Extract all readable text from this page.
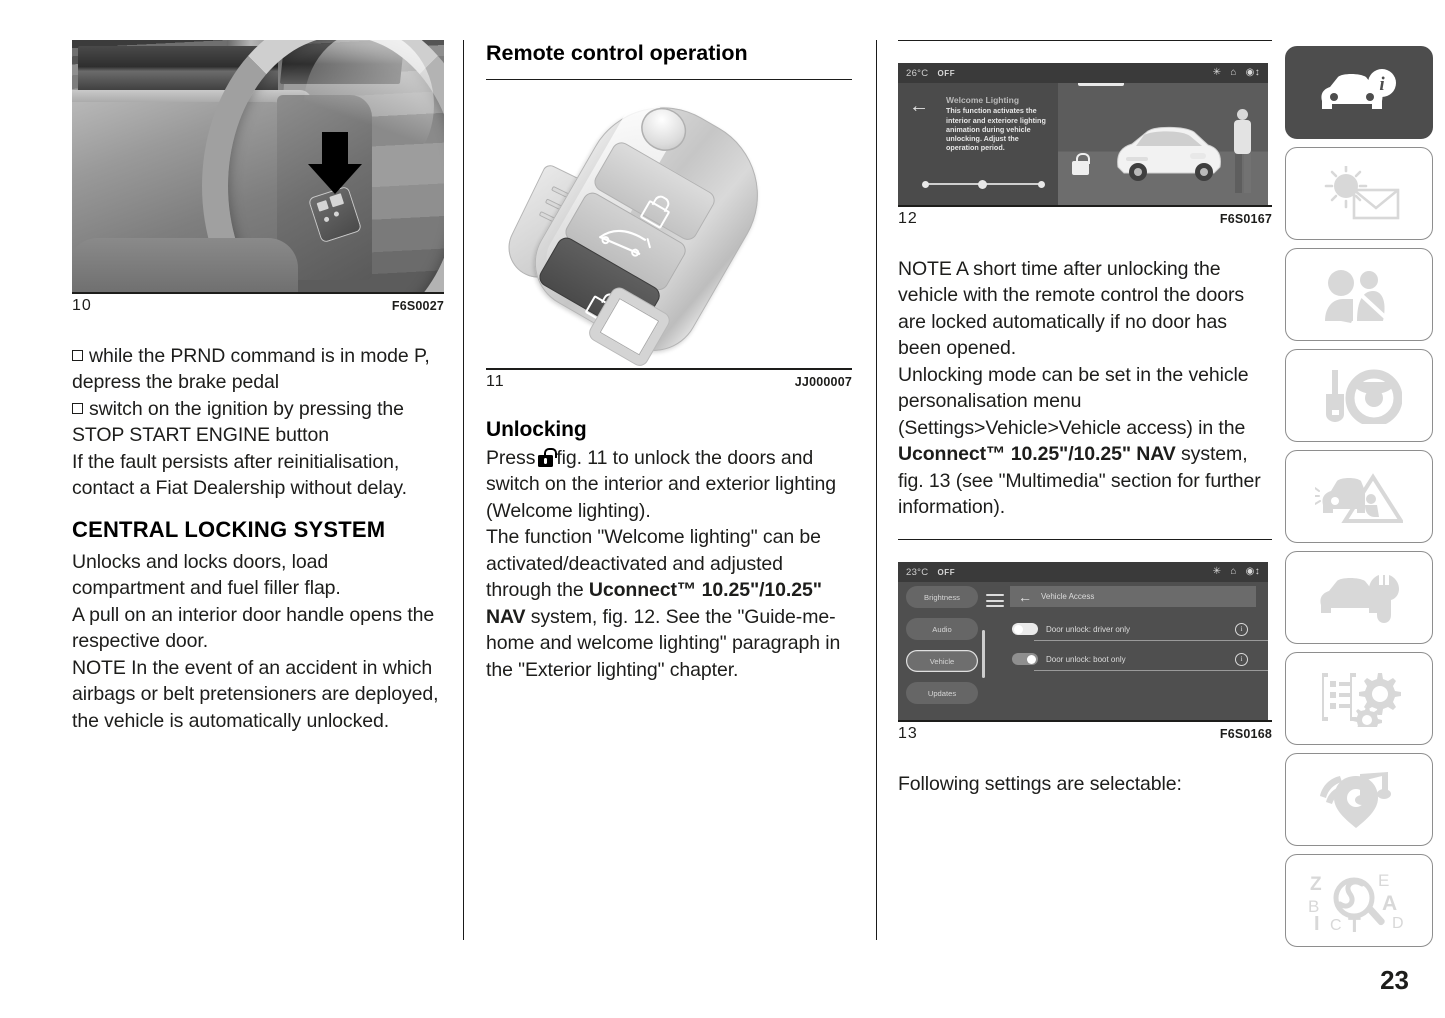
10	F6S0027

while the PRND command is in mode P, depress the brake pedal

switch on the ignition by pressing the STOP START ENGINE button

If the fault persists after reinitialisation, contact a Fiat Dealership without delay.

CENTRAL LOCKING SYSTEM

Unlocks and locks doors, load compartment and fuel filler flap.

A pull on an interior door handle opens the respective door.

NOTE In the event of an accident in which airbags or belt pretensioners are deployed, the vehicle is automatically unlocked.

Remote control operation
11	JJ000007
Unlocking

Press fig. 11 to unlock the doors and switch on the interior and exterior lighting (Welcome lighting).

The function "Welcome lighting" can be activated/deactivated and adjusted through the Uconnect™ 10.25"/10.25" NAV system, fig. 12. See the "Guide-me-home and welcome lighting" paragraph in the "Exterior lighting" chapter.

26°C OFF	✳ ⌂ ◉↕
← Welcome Lighting
This function activates the interior and exteriore lighting animation during vehicle unlocking. Adjust the operation period.
12	F6S0167

NOTE A short time after unlocking the vehicle with the remote control the doors are locked automatically if no door has been opened.

Unlocking mode can be set in the vehicle personalisation menu (Settings>Vehicle>Vehicle access) in the Uconnect™ 10.25"/10.25" NAV system, fig. 13 (see "Multimedia" section for further information).

23°C OFF	✳ ⌂ ◉↕
Brightness
Audio
Vehicle
Updates
← Vehicle Access
Door unlock: driver only	i
Door unlock: boot only	i
13	F6S0168

Following settings are selectable:

i
Z
B
I C T
E
A
D
23
